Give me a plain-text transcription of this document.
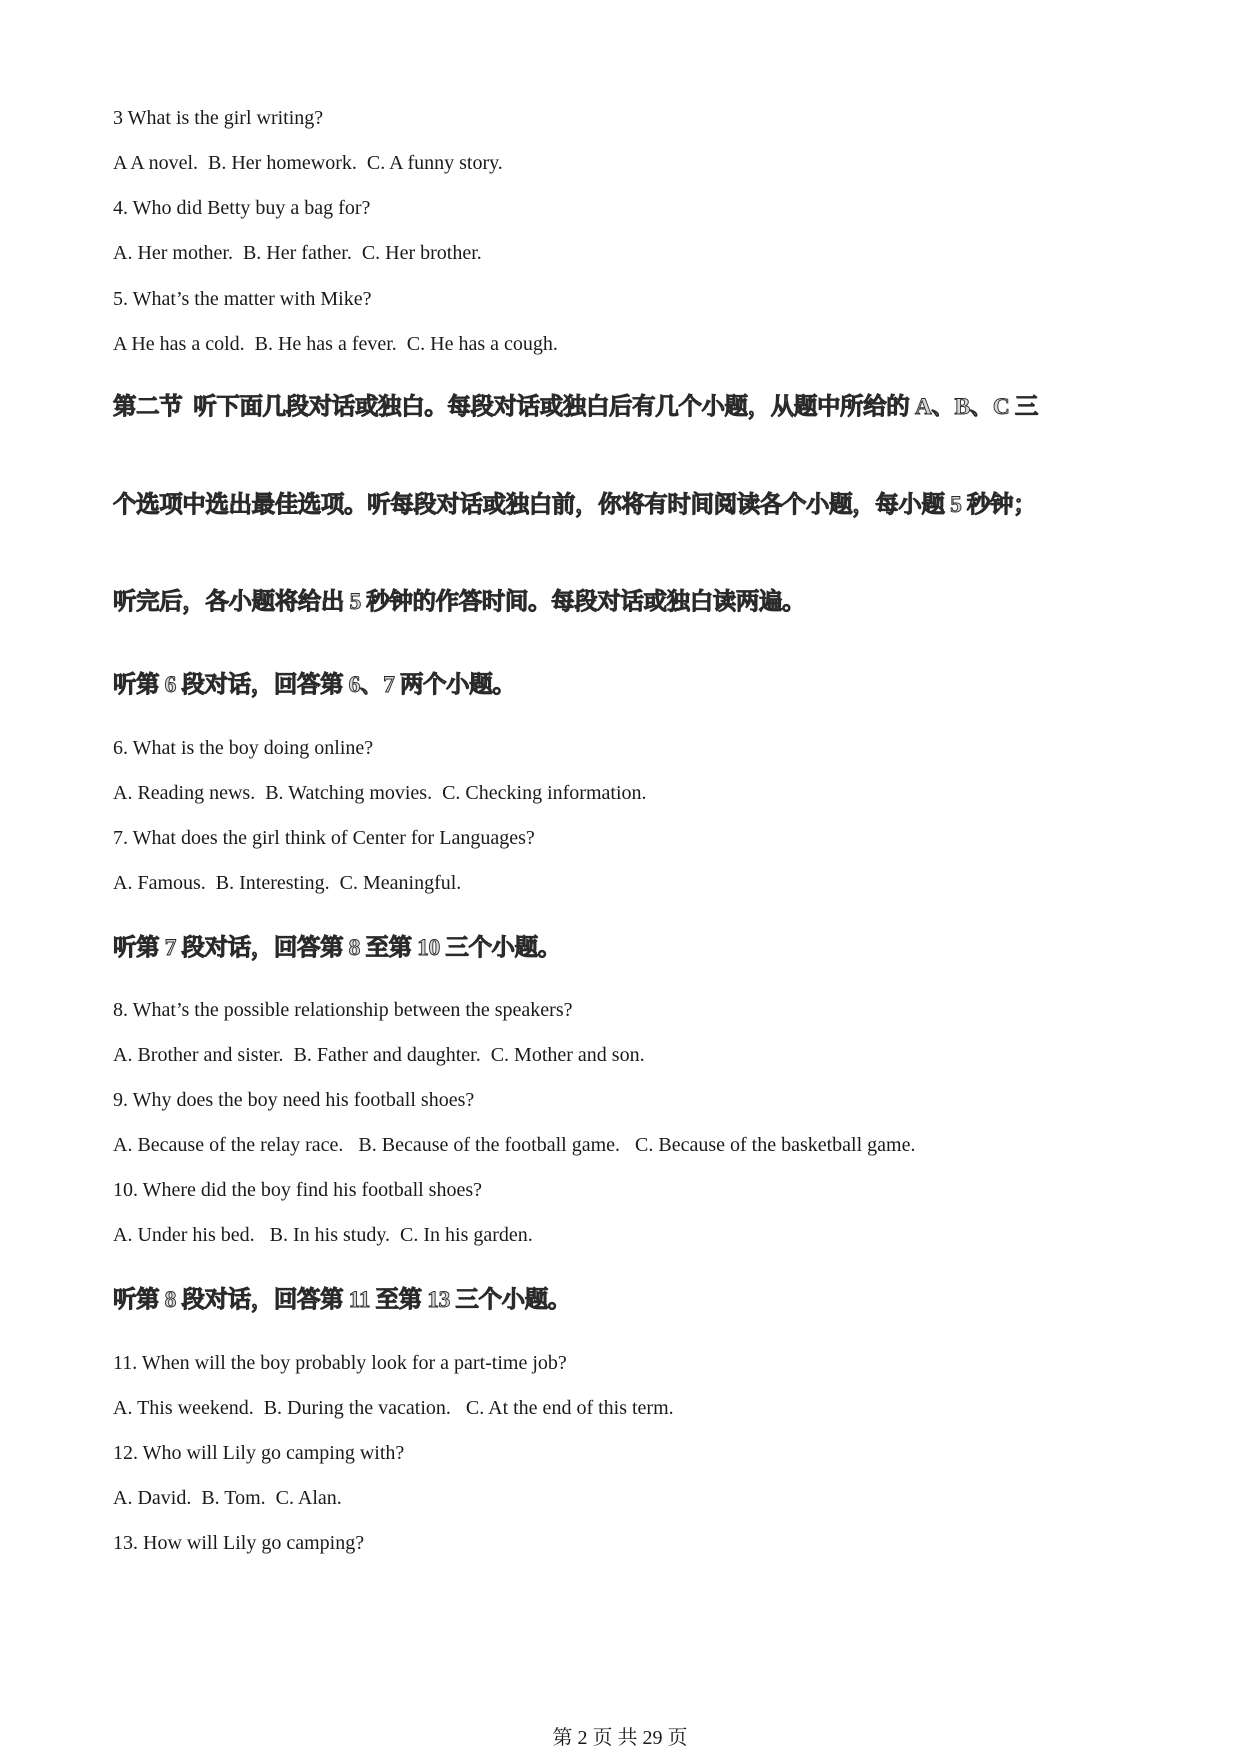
3 What is the girl writing?
A A novel.  B. Her homework.  C. A funny story.
4. Who did Betty buy a bag for?
A. Her mother.  B. Her father.  C. Her brother.
5. What’s the matter with Mike?
A He has a cold.  B. He has a fever.  C. He has a cough.
第二节  听下面几段对话或独白。每段对话或独白后有几个小题，从题中所给的 A、B、C 三
个选项中选出最佳选项。听每段对话或独白前，你将有时间阅读各个小题，每小题 5 秒钟；
听完后，各小题将给出 5 秒钟的作答时间。每段对话或独白读两遍。
听第 6 段对话，回答第 6、7 两个小题。
6. What is the boy doing online?
A. Reading news.  B. Watching movies.  C. Checking information.
7. What does the girl think of Center for Languages?
A. Famous.  B. Interesting.  C. Meaningful.
听第 7 段对话，回答第 8 至第 10 三个小题。
8. What’s the possible relationship between the speakers?
A. Brother and sister.  B. Father and daughter.  C. Mother and son.
9. Why does the boy need his football shoes?
A. Because of the relay race.   B. Because of the football game.   C. Because of the basketball game.
10. Where did the boy find his football shoes?
A. Under his bed.   B. In his study.  C. In his garden.
听第 8 段对话，回答第 11 至第 13 三个小题。
11. When will the boy probably look for a part-time job?
A. This weekend.  B. During the vacation.   C. At the end of this term.
12. Who will Lily go camping with?
A. David.  B. Tom.  C. Alan.
13. How will Lily go camping?
第 2 页 共 29 页
